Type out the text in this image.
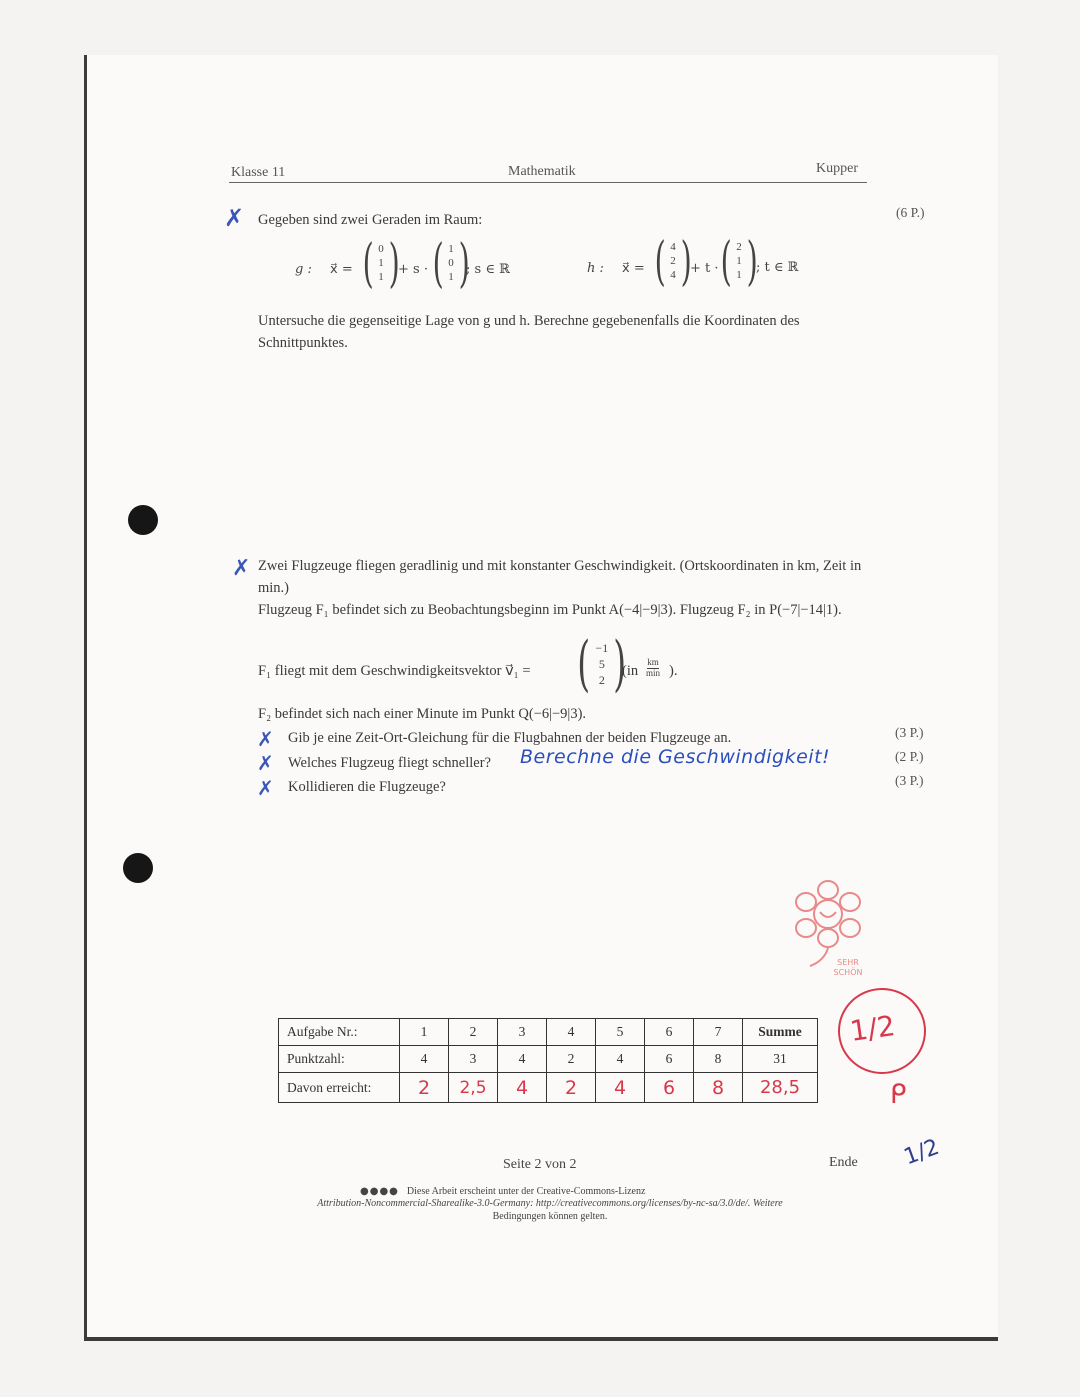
Klasse 11	Mathematik	Kupper
✗ Gegeben sind zwei Geraden im Raum:	(6 P.)
g : x⃗ = ( 0
1
1 )
+ s · ( 1
0
1 )
; s ∈ ℝ	h : x⃗ = ( 4
2
4 )
+ t · ( 2
1
1 )
; t ∈ ℝ
Untersuche die gegenseitige Lage von g und h. Berechne gegebenenfalls die Koordinaten des Schnittpunktes.
✗ Zwei Flugzeuge fliegen geradlinig und mit konstanter Geschwindigkeit. (Ortskoordinaten in km, Zeit in min.)
Flugzeug F₁ befindet sich zu Beobachtungsbeginn im Punkt A(−4|−9|3). Flugzeug F₂ in P(−7|−14|1).
F₁ fliegt mit dem Geschwindigkeitsvektor v⃗₁ = ( −1
5
2 )
(in
km
min ).
F₂ befindet sich nach einer Minute im Punkt Q(−6|−9|3).
✗ Gib je eine Zeit-Ort-Gleichung für die Flugbahnen der beiden Flugzeuge an.	(3 P.)
✗ Welches Flugzeug fliegt schneller? Berechne die Geschwindigkeit!	(2 P.)
✗ Kollidieren die Flugzeuge?	(3 P.)
SEHR SCHÖN
Aufgabe Nr.:	1	2	3	4	5	6	7	Summe
Punktzahl:	4	3	4	2	4	6	8	31
Davon erreicht:	2	2,5	4	2	4	6	8	28,5
1/2
ᑭ
1/2
Seite 2 von 2	Ende
●●●● Diese Arbeit erscheint unter der Creative-Commons-Lizenz
Attribution-Noncommercial-Sharealike-3.0-Germany: http://creativecommons.org/licenses/by-nc-sa/3.0/de/. Weitere
Bedingungen können gelten.
